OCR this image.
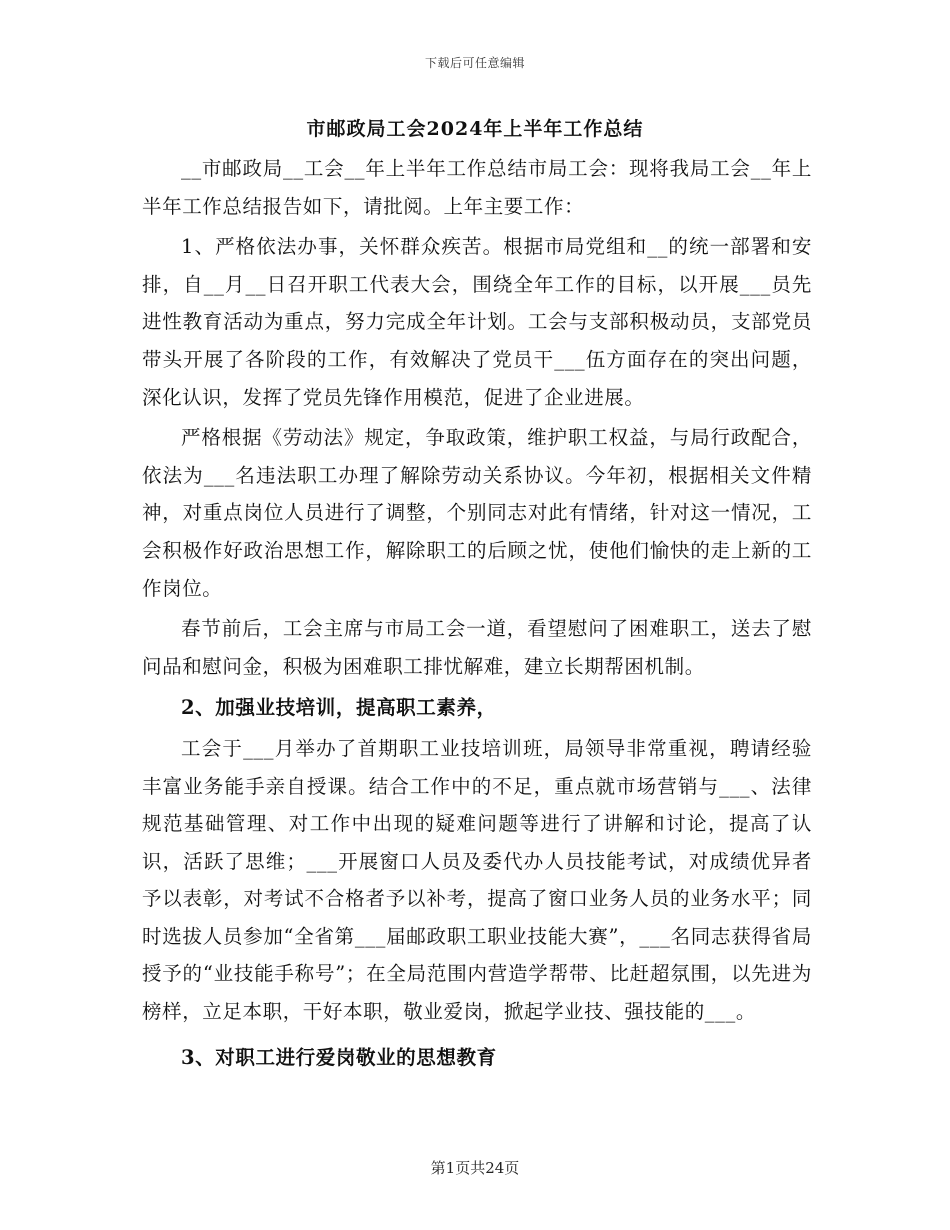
下载后可任意编辑
市邮政局工会2024年上半年工作总结

__市邮政局__工会__年上半年工作总结市局工会：现将我局工会__年上半年工作总结报告如下，请批阅。上年主要工作：

1、严格依法办事，关怀群众疾苦。根据市局党组和__的统一部署和安排，自__月__日召开职工代表大会，围绕全年工作的目标，以开展___员先进性教育活动为重点，努力完成全年计划。工会与支部积极动员，支部党员带头开展了各阶段的工作，有效解决了党员干___伍方面存在的突出问题，深化认识，发挥了党员先锋作用模范，促进了企业进展。

严格根据《劳动法》规定，争取政策，维护职工权益，与局行政配合，依法为___名违法职工办理了解除劳动关系协议。今年初，根据相关文件精神，对重点岗位人员进行了调整，个别同志对此有情绪，针对这一情况，工会积极作好政治思想工作，解除职工的后顾之忧，使他们愉快的走上新的工作岗位。

春节前后，工会主席与市局工会一道，看望慰问了困难职工，送去了慰问品和慰问金，积极为困难职工排忧解难，建立长期帮困机制。

2、加强业技培训，提高职工素养，

工会于___月举办了首期职工业技培训班，局领导非常重视，聘请经验丰富业务能手亲自授课。结合工作中的不足，重点就市场营销与___、法律规范基础管理、对工作中出现的疑难问题等进行了讲解和讨论，提高了认识，活跃了思维；___开展窗口人员及委代办人员技能考试，对成绩优异者予以表彰，对考试不合格者予以补考，提高了窗口业务人员的业务水平；同时选拔人员参加“全省第___届邮政职工职业技能大赛”，___名同志获得省局授予的“业技能手称号”；在全局范围内营造学帮带、比赶超氛围，以先进为榜样，立足本职，干好本职，敬业爱岗，掀起学业技、强技能的___。

3、对职工进行爱岗敬业的思想教育
第1页共24页
